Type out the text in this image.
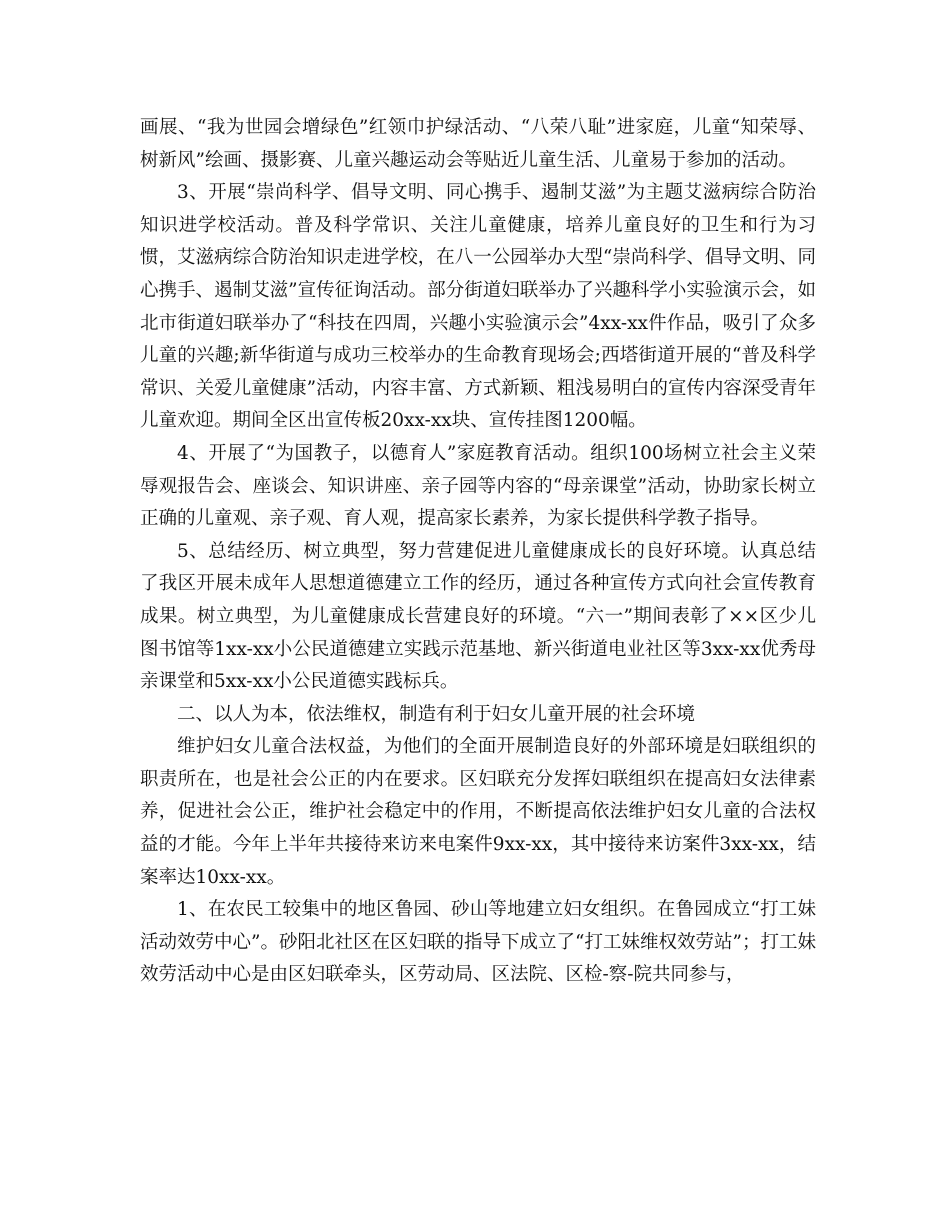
画展、“我为世园会增绿色”红领巾护绿活动、“八荣八耻”进家庭，儿童“知荣辱、树新风”绘画、摄影赛、儿童兴趣运动会等贴近儿童生活、儿童易于参加的活动。

3、开展“崇尚科学、倡导文明、同心携手、遏制艾滋”为主题艾滋病综合防治知识进学校活动。普及科学常识、关注儿童健康，培养儿童良好的卫生和行为习惯，艾滋病综合防治知识走进学校，在八一公园举办大型“崇尚科学、倡导文明、同心携手、遏制艾滋”宣传征询活动。部分街道妇联举办了兴趣科学小实验演示会，如北市街道妇联举办了“科技在四周，兴趣小实验演示会”4xx-xx件作品，吸引了众多儿童的兴趣;新华街道与成功三校举办的生命教育现场会;西塔街道开展的“普及科学常识、关爱儿童健康”活动，内容丰富、方式新颖、粗浅易明白的宣传内容深受青年儿童欢迎。期间全区出宣传板20xx-xx块、宣传挂图1200幅。

4、开展了“为国教子，以德育人”家庭教育活动。组织100场树立社会主义荣辱观报告会、座谈会、知识讲座、亲子园等内容的“母亲课堂”活动，协助家长树立正确的儿童观、亲子观、育人观，提高家长素养，为家长提供科学教子指导。

5、总结经历、树立典型，努力营建促进儿童健康成长的良好环境。认真总结了我区开展未成年人思想道德建立工作的经历，通过各种宣传方式向社会宣传教育成果。树立典型，为儿童健康成长营建良好的环境。“六一”期间表彰了××区少儿图书馆等1xx-xx小公民道德建立实践示范基地、新兴街道电业社区等3xx-xx优秀母亲课堂和5xx-xx小公民道德实践标兵。

二、以人为本，依法维权，制造有利于妇女儿童开展的社会环境

维护妇女儿童合法权益，为他们的全面开展制造良好的外部环境是妇联组织的职责所在，也是社会公正的内在要求。区妇联充分发挥妇联组织在提高妇女法律素养，促进社会公正，维护社会稳定中的作用，不断提高依法维护妇女儿童的合法权益的才能。今年上半年共接待来访来电案件9xx-xx，其中接待来访案件3xx-xx，结案率达10xx-xx。

1、在农民工较集中的地区鲁园、砂山等地建立妇女组织。在鲁园成立“打工妹活动效劳中心”。砂阳北社区在区妇联的指导下成立了“打工妹维权效劳站”；打工妹效劳活动中心是由区妇联牵头，区劳动局、区法院、区检-察-院共同参与，
